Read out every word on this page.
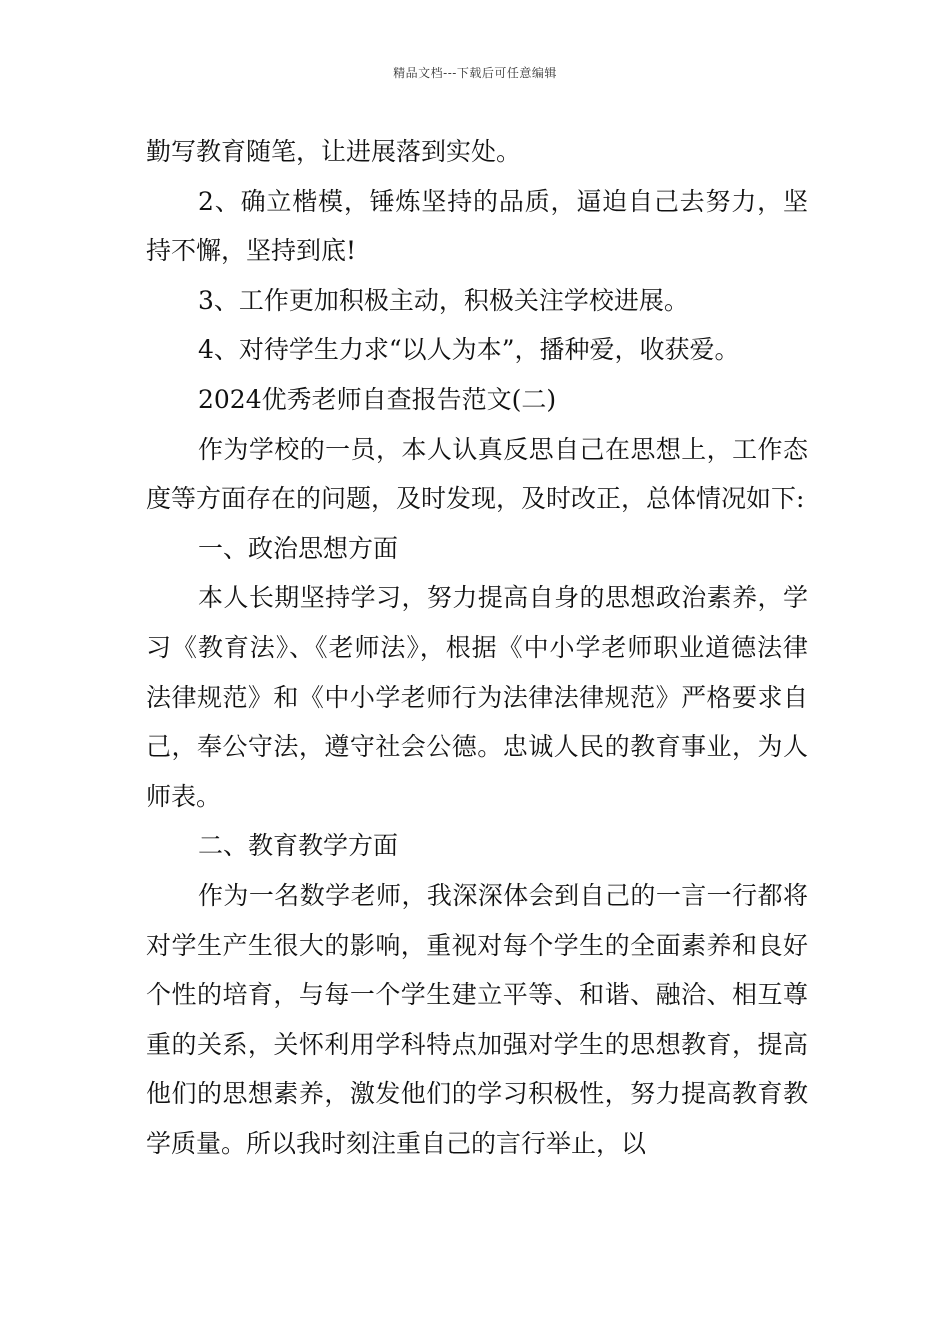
精品文档---下载后可任意编辑

勤写教育随笔，让进展落到实处。

2、确立楷模，锤炼坚持的品质，逼迫自己去努力，坚持不懈，坚持到底!

3、工作更加积极主动，积极关注学校进展。

4、对待学生力求“以人为本”，播种爱，收获爱。

2024优秀老师自查报告范文(二)

作为学校的一员，本人认真反思自己在思想上，工作态度等方面存在的问题，及时发现，及时改正，总体情况如下:

一、政治思想方面

本人长期坚持学习，努力提高自身的思想政治素养，学习《教育法》、《老师法》，根据《中小学老师职业道德法律法律规范》和《中小学老师行为法律法律规范》严格要求自己，奉公守法，遵守社会公德。忠诚人民的教育事业，为人师表。

二、教育教学方面

作为一名数学老师，我深深体会到自己的一言一行都将对学生产生很大的影响，重视对每个学生的全面素养和良好个性的培育，与每一个学生建立平等、和谐、融洽、相互尊重的关系，关怀利用学科特点加强对学生的思想教育，提高他们的思想素养，激发他们的学习积极性，努力提高教育教学质量。所以我时刻注重自己的言行举止，以
